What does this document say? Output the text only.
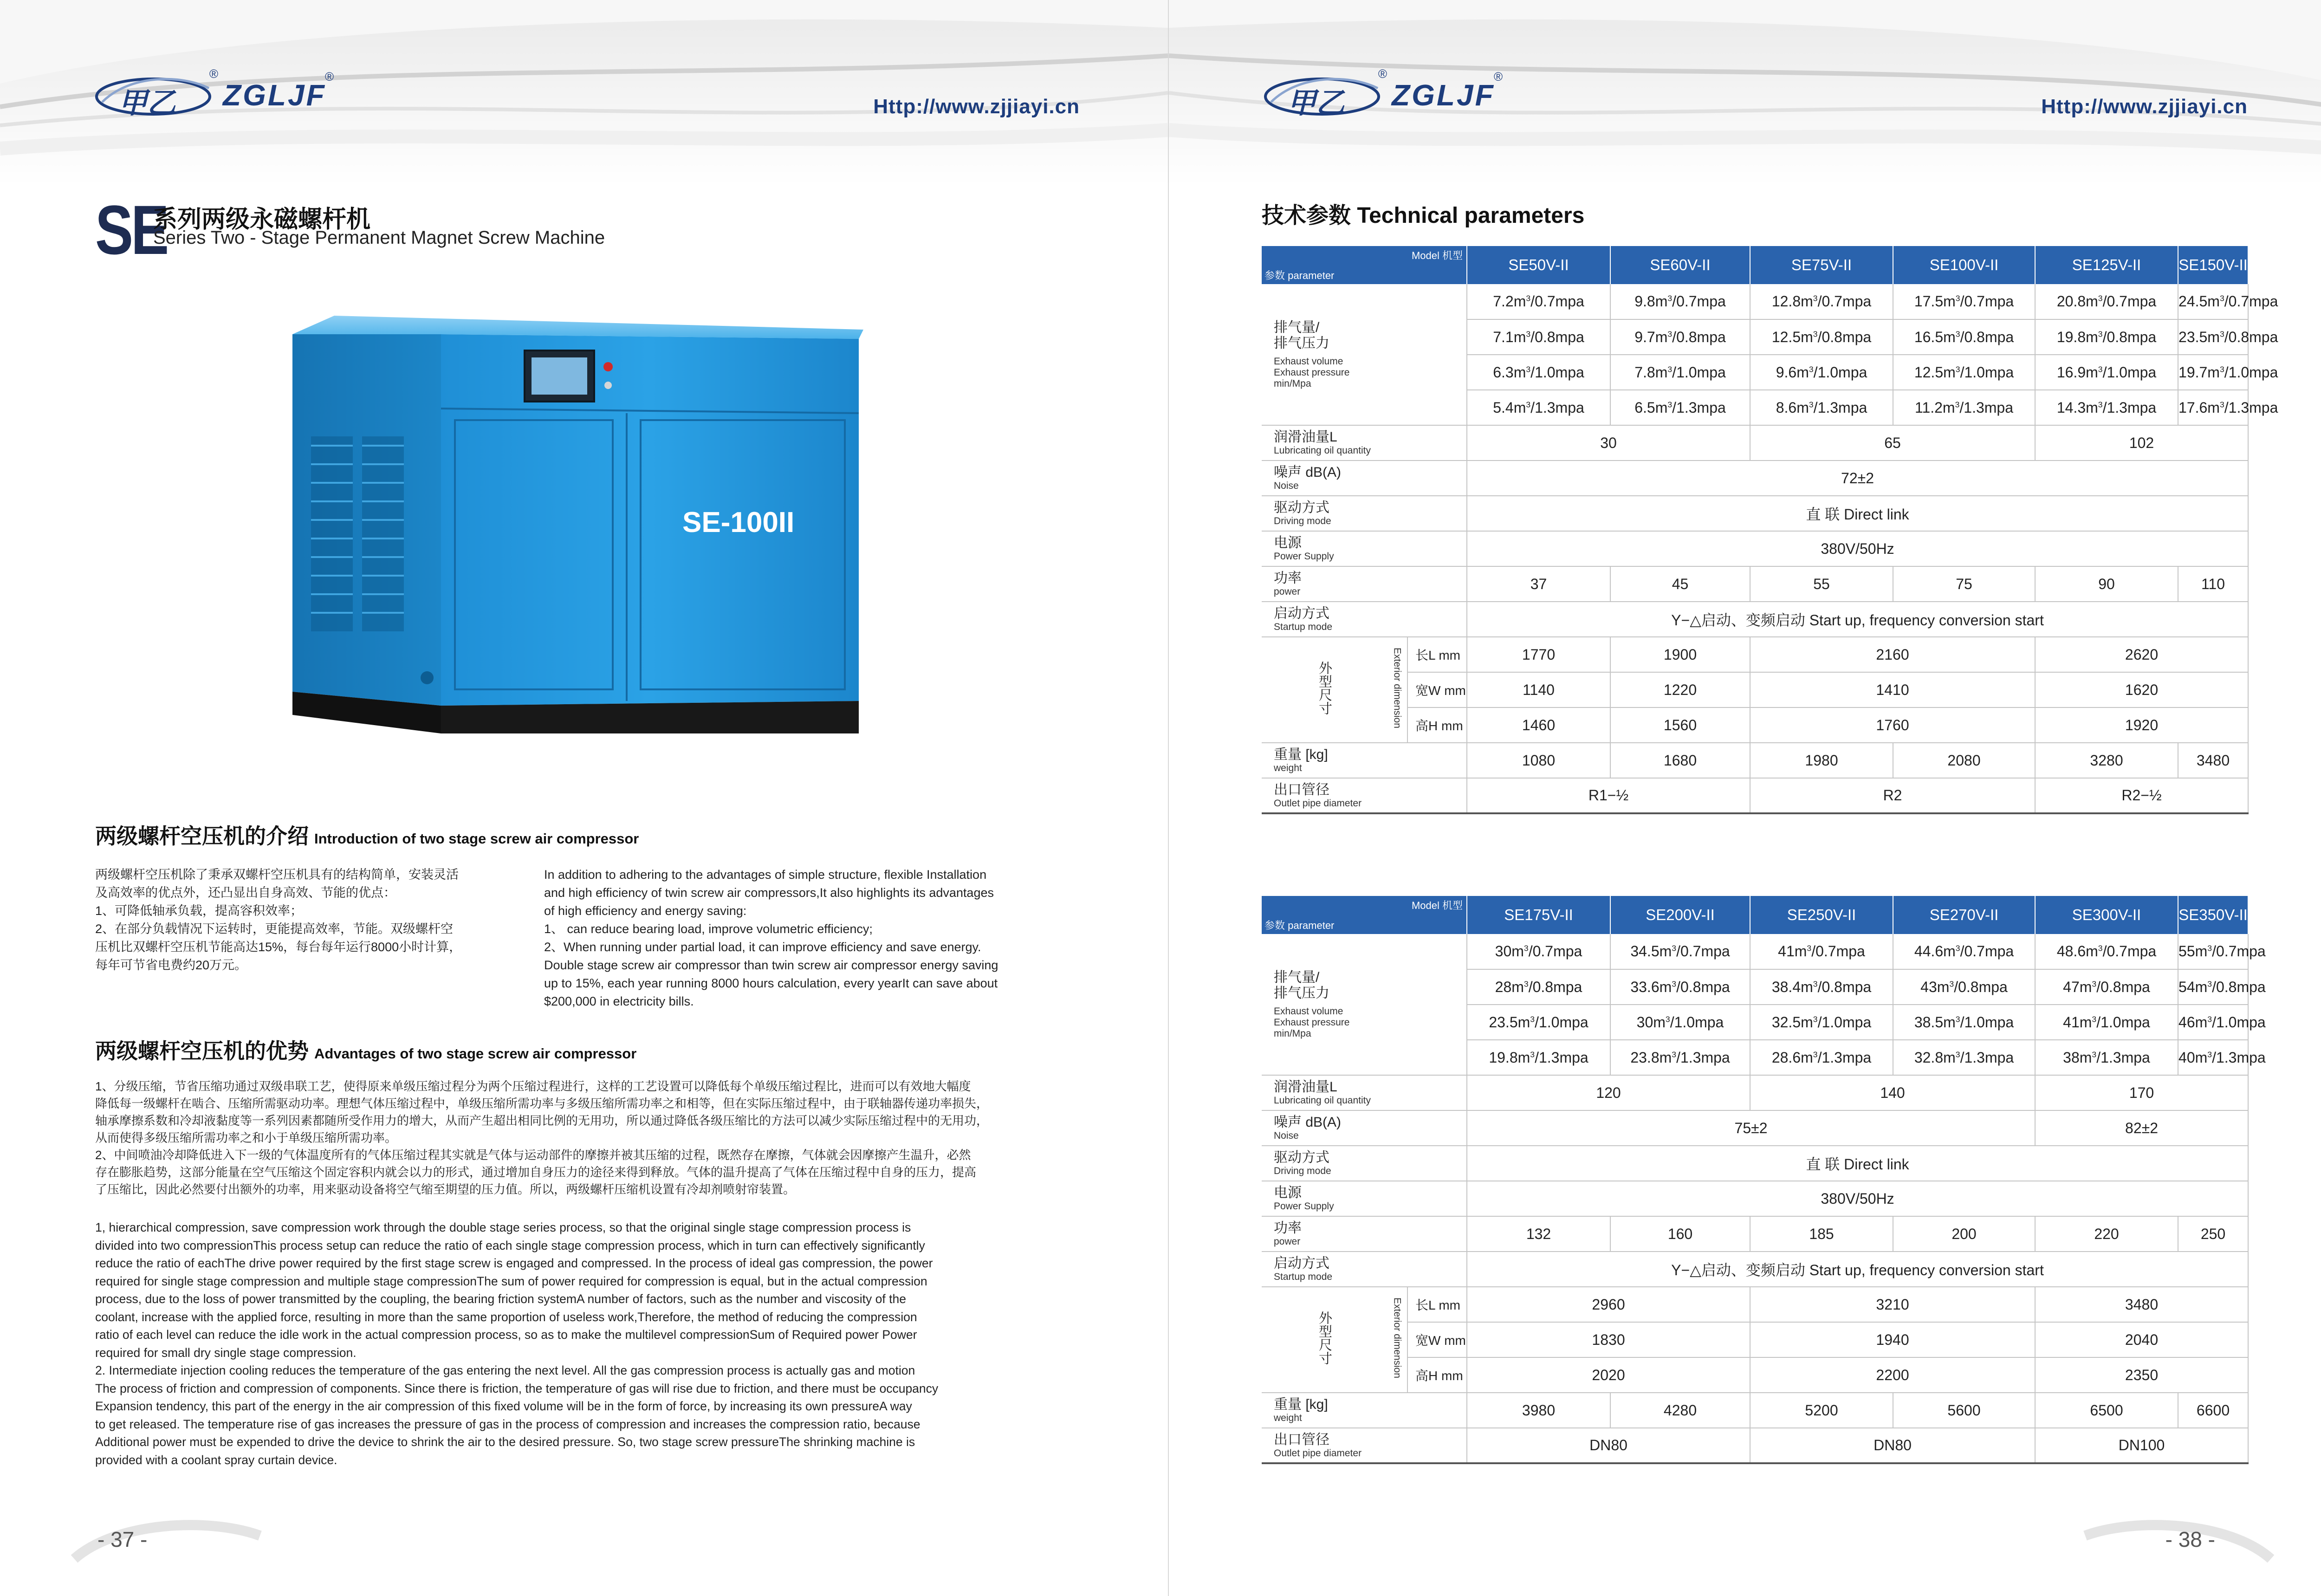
甲乙
®
ZGLJF
®
Http://www.zjjiayi.cn
SE
系列两级永磁螺杆机
Series Two - Stage Permanent Magnet Screw Machine
SE-100II
两级螺杆空压机的介绍 Introduction of two stage screw air compressor
两级螺杆空压机除了秉承双螺杆空压机具有的结构简单，安装灵活
及高效率的优点外，还凸显出自身高效、节能的优点：
1、可降低轴承负载，提高容积效率；
2、在部分负载情况下运转时，更能提高效率，节能。双级螺杆空
压机比双螺杆空压机节能高达15%，每台每年运行8000小时计算，
每年可节省电费约20万元。
In addition to adhering to the advantages of simple structure, flexible Installation
and high efficiency of twin screw air compressors,It also highlights its advantages
of high efficiency and energy saving:
1、 can reduce bearing load, improve volumetric efficiency;
2、When running under partial load, it can improve efficiency and save energy.
Double stage screw air compressor than twin screw air compressor energy saving
up to 15%, each year running 8000 hours calculation, every yearIt can save about
$200,000 in electricity bills.
两级螺杆空压机的优势 Advantages of two stage screw air compressor
1、分级压缩，节省压缩功通过双级串联工艺，使得原来单级压缩过程分为两个压缩过程进行，这样的工艺设置可以降低每个单级压缩过程比，进而可以有效地大幅度
降低每一级螺杆在啮合、压缩所需驱动功率。理想气体压缩过程中，单级压缩所需功率与多级压缩所需功率之和相等，但在实际压缩过程中，由于联轴器传递功率损失，
轴承摩擦系数和冷却液黏度等一系列因素都随所受作用力的增大，从而产生超出相同比例的无用功，所以通过降低各级压缩比的方法可以减少实际压缩过程中的无用功，
从而使得多级压缩所需功率之和小于单级压缩所需功率。
2、中间喷油冷却降低进入下一级的气体温度所有的气体压缩过程其实就是气体与运动部件的摩擦并被其压缩的过程，既然存在摩擦，气体就会因摩擦产生温升，必然
存在膨胀趋势，这部分能量在空气压缩这个固定容积内就会以力的形式，通过增加自身压力的途径来得到释放。气体的温升提高了气体在压缩过程中自身的压力，提高
了压缩比，因此必然要付出额外的功率，用来驱动设备将空气缩至期望的压力值。所以，两级螺杆压缩机设置有冷却剂喷射帘装置。
1, hierarchical compression, save compression work through the double stage series process, so that the original single stage compression process is
divided into two compressionThis process setup can reduce the ratio of each single stage compression process, which in turn can effectively significantly
reduce the ratio of eachThe drive power required by the first stage screw is engaged and compressed. In the process of ideal gas compression, the power
required for single stage compression and multiple stage compressionThe sum of power required for compression is equal, but in the actual compression
process, due to the loss of power transmitted by the coupling, the bearing friction systemA number of factors, such as the number and viscosity of the
coolant, increase with the applied force, resulting in more than the same proportion of useless work,Therefore, the method of reducing the compression
ratio of each level can reduce the idle work in the actual compression process, so as to make the multilevel compressionSum of Required power Power
required for small dry single stage compression.
2. Intermediate injection cooling reduces the temperature of the gas entering the next level. All the gas compression process is actually gas and motion
The process of friction and compression of components. Since there is friction, the temperature of gas will rise due to friction, and there must be occupancy
Expansion tendency, this part of the energy in the air compression of this fixed volume will be in the form of force, by increasing its own pressureA way
to get released. The temperature rise of gas increases the pressure of gas in the process of compression and increases the compression ratio, because
Additional power must be expended to drive the device to shrink the air to the desired pressure. So, two stage screw pressureThe shrinking machine is
provided with a coolant spray curtain device.
- 37 -
甲乙
®
ZGLJF
®
Http://www.zjjiayi.cn
技术参数 Technical parameters
Model 机型
参数 parameter			SE50V-II	SE60V-II	SE75V-II	SE100V-II	SE125V-II	SE150V-II
排气量/
排气压力
Exhaust volume
Exhaust pressure
min/Mpa			$7.2m^3/0.7mpa$	$9.8m^3/0.7mpa$	$12.8m^3/0.7mpa$	$17.5m^3/0.7mpa$	$20.8m^3/0.7mpa$	$24.5m^3/0.7mpa$
			$7.1m^3/0.8mpa$	$9.7m^3/0.8mpa$	$12.5m^3/0.8mpa$	$16.5m^3/0.8mpa$	$19.8m^3/0.8mpa$	$23.5m^3/0.8mpa$
			$6.3m^3/1.0mpa$	$7.8m^3/1.0mpa$	$9.6m^3/1.0mpa$	$12.5m^3/1.0mpa$	$16.9m^3/1.0mpa$	$19.7m^3/1.0mpa$
			$5.4m^3/1.3mpa$	$6.5m^3/1.3mpa$	$8.6m^3/1.3mpa$	$11.2m^3/1.3mpa$	$14.3m^3/1.3mpa$	$17.6m^3/1.3mpa$
润滑油量L
Lubricating oil quantity			30		65		102	
噪声 dB(A)
Noise			72±2					
驱动方式
Driving mode			直 联 Direct link					
电源
Power Supply			380V/50Hz					
功率
power			37	45	55	75	90	110
启动方式
Startup mode			Y−△启动、变频启动 Start up, frequency conversion start					
外型尺寸	Exterior dimension	长L mm	1770	1900	2160		2620	
		宽W mm	1140	1220	1410		1620	
		高H mm	1460	1560	1760		1920	
重量 [kg]
weight			1080	1680	1980	2080	3280	3480
出口管径
Outlet pipe diameter			R1−½		R2		R2−½	
Model 机型
参数 parameter			SE175V-II	SE200V-II	SE250V-II	SE270V-II	SE300V-II	SE350V-II
排气量/
排气压力
Exhaust volume
Exhaust pressure
min/Mpa			$30m^3/0.7mpa$	$34.5m^3/0.7mpa$	$41m^3/0.7mpa$	$44.6m^3/0.7mpa$	$48.6m^3/0.7mpa$	$55m^3/0.7mpa$
			$28m^3/0.8mpa$	$33.6m^3/0.8mpa$	$38.4m^3/0.8mpa$	$43m^3/0.8mpa$	$47m^3/0.8mpa$	$54m^3/0.8mpa$
			$23.5m^3/1.0mpa$	$30m^3/1.0mpa$	$32.5m^3/1.0mpa$	$38.5m^3/1.0mpa$	$41m^3/1.0mpa$	$46m^3/1.0mpa$
			$19.8m^3/1.3mpa$	$23.8m^3/1.3mpa$	$28.6m^3/1.3mpa$	$32.8m^3/1.3mpa$	$38m^3/1.3mpa$	$40m^3/1.3mpa$
润滑油量L
Lubricating oil quantity			120		140		170	
噪声 dB(A)
Noise			75±2				82±2	
驱动方式
Driving mode			直 联 Direct link					
电源
Power Supply			380V/50Hz					
功率
power			132	160	185	200	220	250
启动方式
Startup mode			Y−△启动、变频启动 Start up, frequency conversion start					
外型尺寸	Exterior dimension	长L mm	2960		3210		3480	
		宽W mm	1830		1940		2040	
		高H mm	2020		2200		2350	
重量 [kg]
weight			3980	4280	5200	5600	6500	6600
出口管径
Outlet pipe diameter			DN80		DN80		DN100	
- 38 -
